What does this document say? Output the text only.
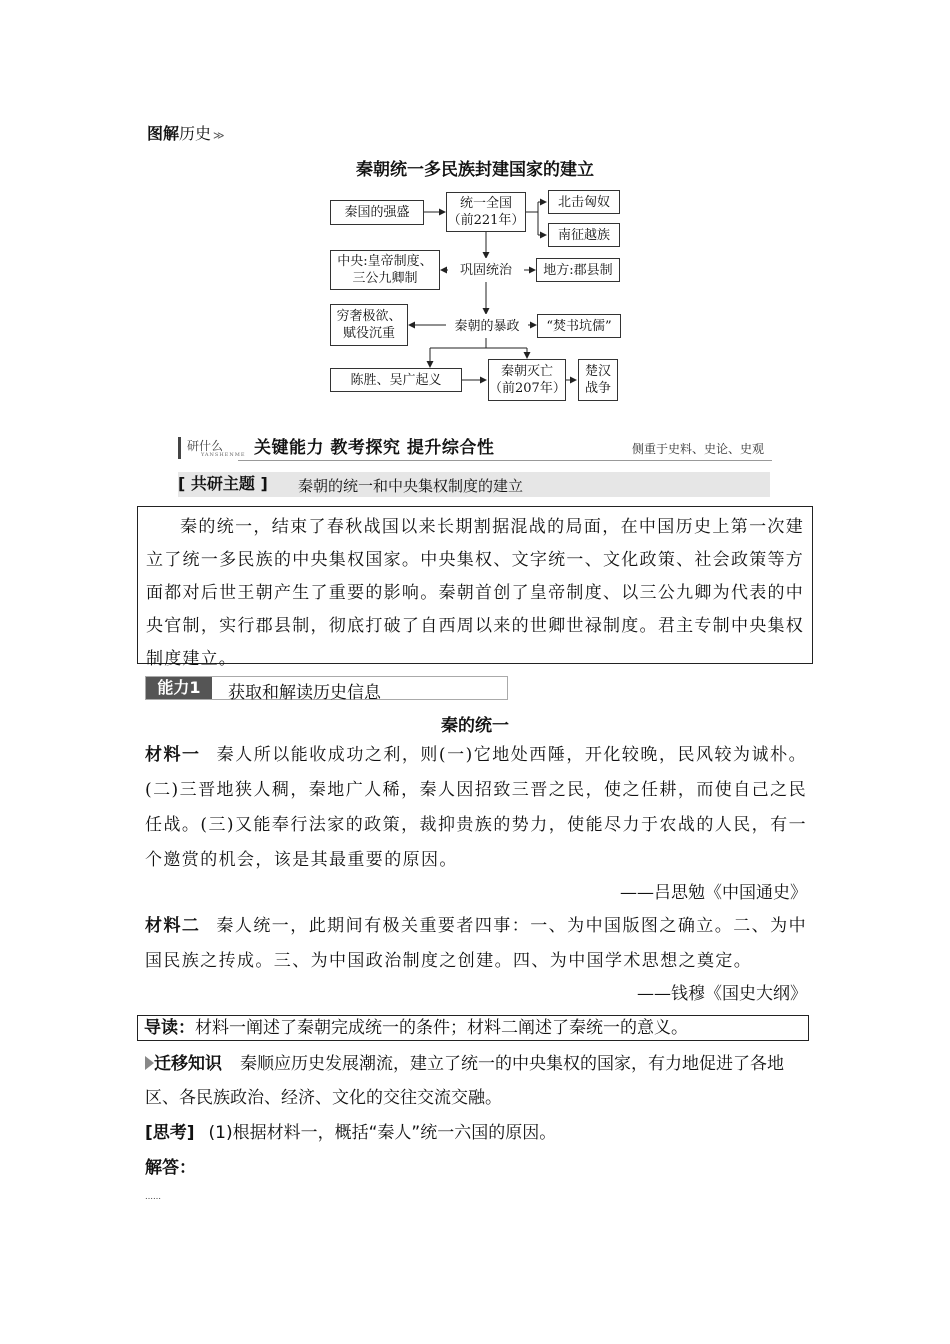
图解历史 ≫
秦朝统一多民族封建国家的建立
秦国的强盛
统一全国
（前221年）
北击匈奴
南征越族
中央:皇帝制度、
三公九卿制
巩固统治	地方:郡县制
穷奢极欲、
赋役沉重	秦朝的暴政	“焚书坑儒”
陈胜、吴广起义
秦朝灭亡
（前207年）
楚汉
战争
研什么
YANSHENME 关键能力 教考探究 提升综合性	侧重于史料、史论、史观
[ 共研主题 ] 秦朝的统一和中央集权制度的建立

秦的统一，结束了春秋战国以来长期割据混战的局面，在中国历史上第一次建立了统一多民族的中央集权国家。中央集权、文字统一、文化政策、社会政策等方面都对后世王朝产生了重要的影响。秦朝首创了皇帝制度、以三公九卿为代表的中央官制，实行郡县制，彻底打破了自西周以来的世卿世禄制度。君主专制中央集权制度建立。

能力1	获取和解读历史信息
秦的统一
材料一 秦人所以能收成功之利，则(一)它地处西陲，开化较晚，民风较为诚朴。(二)三晋地狭人稠，秦地广人稀，秦人因招致三晋之民，使之任耕，而使自己之民任战。(三)又能奉行法家的政策，裁抑贵族的势力，使能尽力于农战的人民，有一个邀赏的机会，该是其最重要的原因。
——吕思勉《中国通史》
材料二 秦人统一，此期间有极关重要者四事：一、为中国版图之确立。二、为中国民族之抟成。三、为中国政治制度之创建。四、为中国学术思想之奠定。
——钱穆《国史大纲》
导读：材料一阐述了秦朝完成统一的条件；材料二阐述了秦统一的意义。
迁移知识 秦顺应历史发展潮流，建立了统一的中央集权的国家，有力地促进了各地区、各民族政治、经济、文化的交往交流交融。
[思考] (1)根据材料一，概括“秦人”统一六国的原因。
解答：
……
